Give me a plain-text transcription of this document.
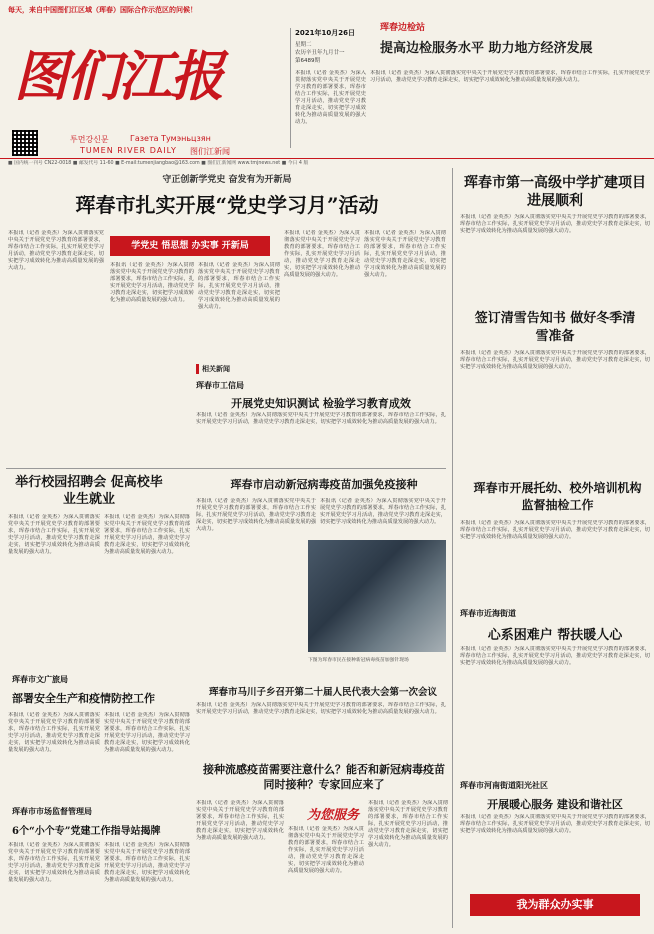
每天，来自中国图们江区域（珲春）国际合作示范区的问候！
图们江报
투먼강신문	Газета Тумэньцзян
TUMEN RIVER DAILY 图们江新闻
2021年10月26日
星期二
农历辛丑年九月廿一
第6489期
本报讯（记者 金英杰）为深入贯彻落实党中央关于开展党史学习教育的部署要求，珲春市结合工作实际，扎实开展党史学习月活动，推动党史学习教育走深走实，切实把学习成效转化为推动高质量发展的强大动力。
珲春边检站
提高边检服务水平 助力地方经济发展
本报讯（记者 金英杰）为深入贯彻落实党中央关于开展党史学习教育的部署要求，珲春市结合工作实际，扎实开展党史学习月活动，推动党史学习教育走深走实，切实把学习成效转化为推动高质量发展的强大动力。
■ 国内统一刊号 CN22-0018 ■ 邮发代号 11-60 ■ E-mail:tumenjiangbao@163.com ■ 图们江新闻网 www.tmjnews.net ■ 今日 4 版
守正创新学党史 奋发有为开新局
珲春市扎实开展“党史学习月”活动
学党史 悟思想 办实事 开新局
本报讯（记者 金英杰）为深入贯彻落实党中央关于开展党史学习教育的部署要求，珲春市结合工作实际，扎实开展党史学习月活动，推动党史学习教育走深走实，切实把学习成效转化为推动高质量发展的强大动力。	本报讯（记者 金英杰）为深入贯彻落实党中央关于开展党史学习教育的部署要求，珲春市结合工作实际，扎实开展党史学习月活动，推动党史学习教育走深走实，切实把学习成效转化为推动高质量发展的强大动力。
本报讯（记者 金英杰）为深入贯彻落实党中央关于开展党史学习教育的部署要求，珲春市结合工作实际，扎实开展党史学习月活动，推动党史学习教育走深走实，切实把学习成效转化为推动高质量发展的强大动力。
本报讯（记者 金英杰）为深入贯彻落实党中央关于开展党史学习教育的部署要求，珲春市结合工作实际，扎实开展党史学习月活动，推动党史学习教育走深走实，切实把学习成效转化为推动高质量发展的强大动力。
本报讯（记者 金英杰）为深入贯彻落实党中央关于开展党史学习教育的部署要求，珲春市结合工作实际，扎实开展党史学习月活动，推动党史学习教育走深走实，切实把学习成效转化为推动高质量发展的强大动力。
相关新闻
珲春市工信局
开展党史知识测试 检验学习教育成效
本报讯（记者 金英杰）为深入贯彻落实党中央关于开展党史学习教育的部署要求，珲春市结合工作实际，扎实开展党史学习月活动，推动党史学习教育走深走实，切实把学习成效转化为推动高质量发展的强大动力。
珲春市第一高级中学扩建项目进展顺利
本报讯（记者 金英杰）为深入贯彻落实党中央关于开展党史学习教育的部署要求，珲春市结合工作实际，扎实开展党史学习月活动，推动党史学习教育走深走实，切实把学习成效转化为推动高质量发展的强大动力。
签订清雪告知书 做好冬季清雪准备
本报讯（记者 金英杰）为深入贯彻落实党中央关于开展党史学习教育的部署要求，珲春市结合工作实际，扎实开展党史学习月活动，推动党史学习教育走深走实，切实把学习成效转化为推动高质量发展的强大动力。
珲春市开展托幼、校外培训机构监督抽检工作
本报讯（记者 金英杰）为深入贯彻落实党中央关于开展党史学习教育的部署要求，珲春市结合工作实际，扎实开展党史学习月活动，推动党史学习教育走深走实，切实把学习成效转化为推动高质量发展的强大动力。
珲春市近海街道
心系困难户 帮扶暖人心
本报讯（记者 金英杰）为深入贯彻落实党中央关于开展党史学习教育的部署要求，珲春市结合工作实际，扎实开展党史学习月活动，推动党史学习教育走深走实，切实把学习成效转化为推动高质量发展的强大动力。
珲春市河南街道阳光社区
开展暖心服务 建设和谐社区
本报讯（记者 金英杰）为深入贯彻落实党中央关于开展党史学习教育的部署要求，珲春市结合工作实际，扎实开展党史学习月活动，推动党史学习教育走深走实，切实把学习成效转化为推动高质量发展的强大动力。
我为群众办实事
举行校园招聘会 促高校毕业生就业
本报讯（记者 金英杰）为深入贯彻落实党中央关于开展党史学习教育的部署要求，珲春市结合工作实际，扎实开展党史学习月活动，推动党史学习教育走深走实，切实把学习成效转化为推动高质量发展的强大动力。
本报讯（记者 金英杰）为深入贯彻落实党中央关于开展党史学习教育的部署要求，珲春市结合工作实际，扎实开展党史学习月活动，推动党史学习教育走深走实，切实把学习成效转化为推动高质量发展的强大动力。
珲春市启动新冠病毒疫苗加强免疫接种
本报讯（记者 金英杰）为深入贯彻落实党中央关于开展党史学习教育的部署要求，珲春市结合工作实际，扎实开展党史学习月活动，推动党史学习教育走深走实，切实把学习成效转化为推动高质量发展的强大动力。
本报讯（记者 金英杰）为深入贯彻落实党中央关于开展党史学习教育的部署要求，珲春市结合工作实际，扎实开展党史学习月活动，推动党史学习教育走深走实，切实把学习成效转化为推动高质量发展的强大动力。
下图为珲春市民在接种新冠病毒疫苗加强针现场
珲春市文广旅局
部署安全生产和疫情防控工作
本报讯（记者 金英杰）为深入贯彻落实党中央关于开展党史学习教育的部署要求，珲春市结合工作实际，扎实开展党史学习月活动，推动党史学习教育走深走实，切实把学习成效转化为推动高质量发展的强大动力。
本报讯（记者 金英杰）为深入贯彻落实党中央关于开展党史学习教育的部署要求，珲春市结合工作实际，扎实开展党史学习月活动，推动党史学习教育走深走实，切实把学习成效转化为推动高质量发展的强大动力。
珲春市马川子乡召开第二十届人民代表大会第一次会议
本报讯（记者 金英杰）为深入贯彻落实党中央关于开展党史学习教育的部署要求，珲春市结合工作实际，扎实开展党史学习月活动，推动党史学习教育走深走实，切实把学习成效转化为推动高质量发展的强大动力。
珲春市市场监督管理局
6个“小个专”党建工作指导站揭牌
本报讯（记者 金英杰）为深入贯彻落实党中央关于开展党史学习教育的部署要求，珲春市结合工作实际，扎实开展党史学习月活动，推动党史学习教育走深走实，切实把学习成效转化为推动高质量发展的强大动力。
本报讯（记者 金英杰）为深入贯彻落实党中央关于开展党史学习教育的部署要求，珲春市结合工作实际，扎实开展党史学习月活动，推动党史学习教育走深走实，切实把学习成效转化为推动高质量发展的强大动力。
接种流感疫苗需要注意什么？能否和新冠病毒疫苗同时接种？专家回应来了
为您服务
本报讯（记者 金英杰）为深入贯彻落实党中央关于开展党史学习教育的部署要求，珲春市结合工作实际，扎实开展党史学习月活动，推动党史学习教育走深走实，切实把学习成效转化为推动高质量发展的强大动力。
本报讯（记者 金英杰）为深入贯彻落实党中央关于开展党史学习教育的部署要求，珲春市结合工作实际，扎实开展党史学习月活动，推动党史学习教育走深走实，切实把学习成效转化为推动高质量发展的强大动力。
本报讯（记者 金英杰）为深入贯彻落实党中央关于开展党史学习教育的部署要求，珲春市结合工作实际，扎实开展党史学习月活动，推动党史学习教育走深走实，切实把学习成效转化为推动高质量发展的强大动力。
